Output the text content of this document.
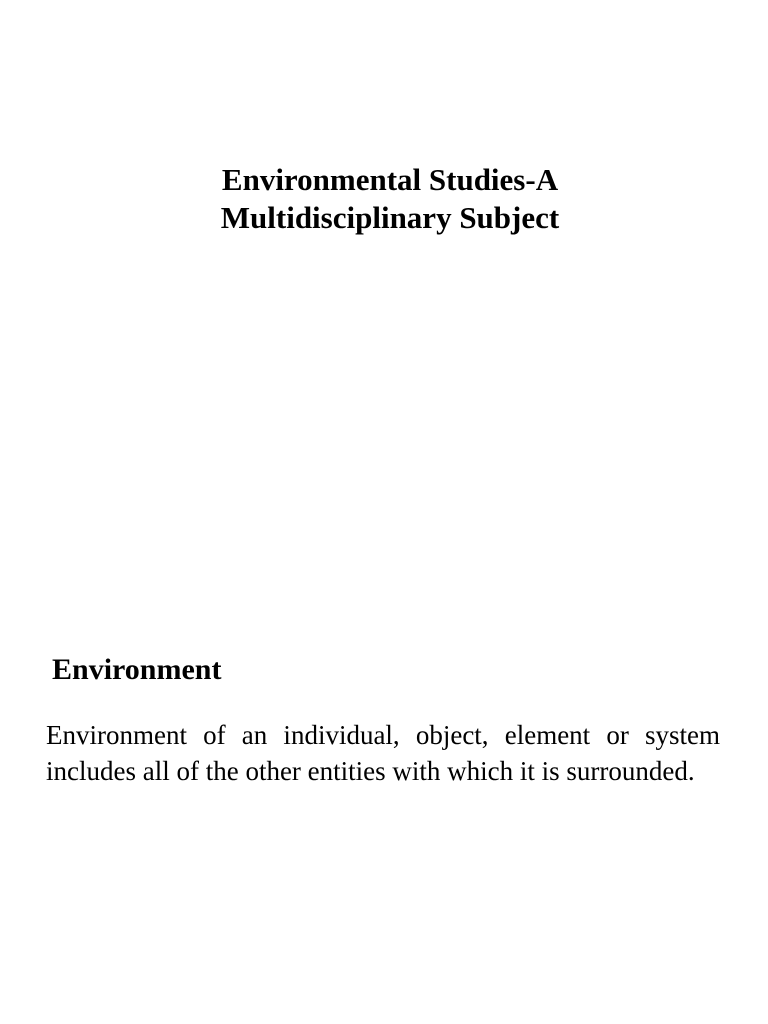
Environmental Studies-A
Multidisciplinary Subject
Environment

Environment of an individual, object, element or system includes all of the other entities with which it is surrounded.
